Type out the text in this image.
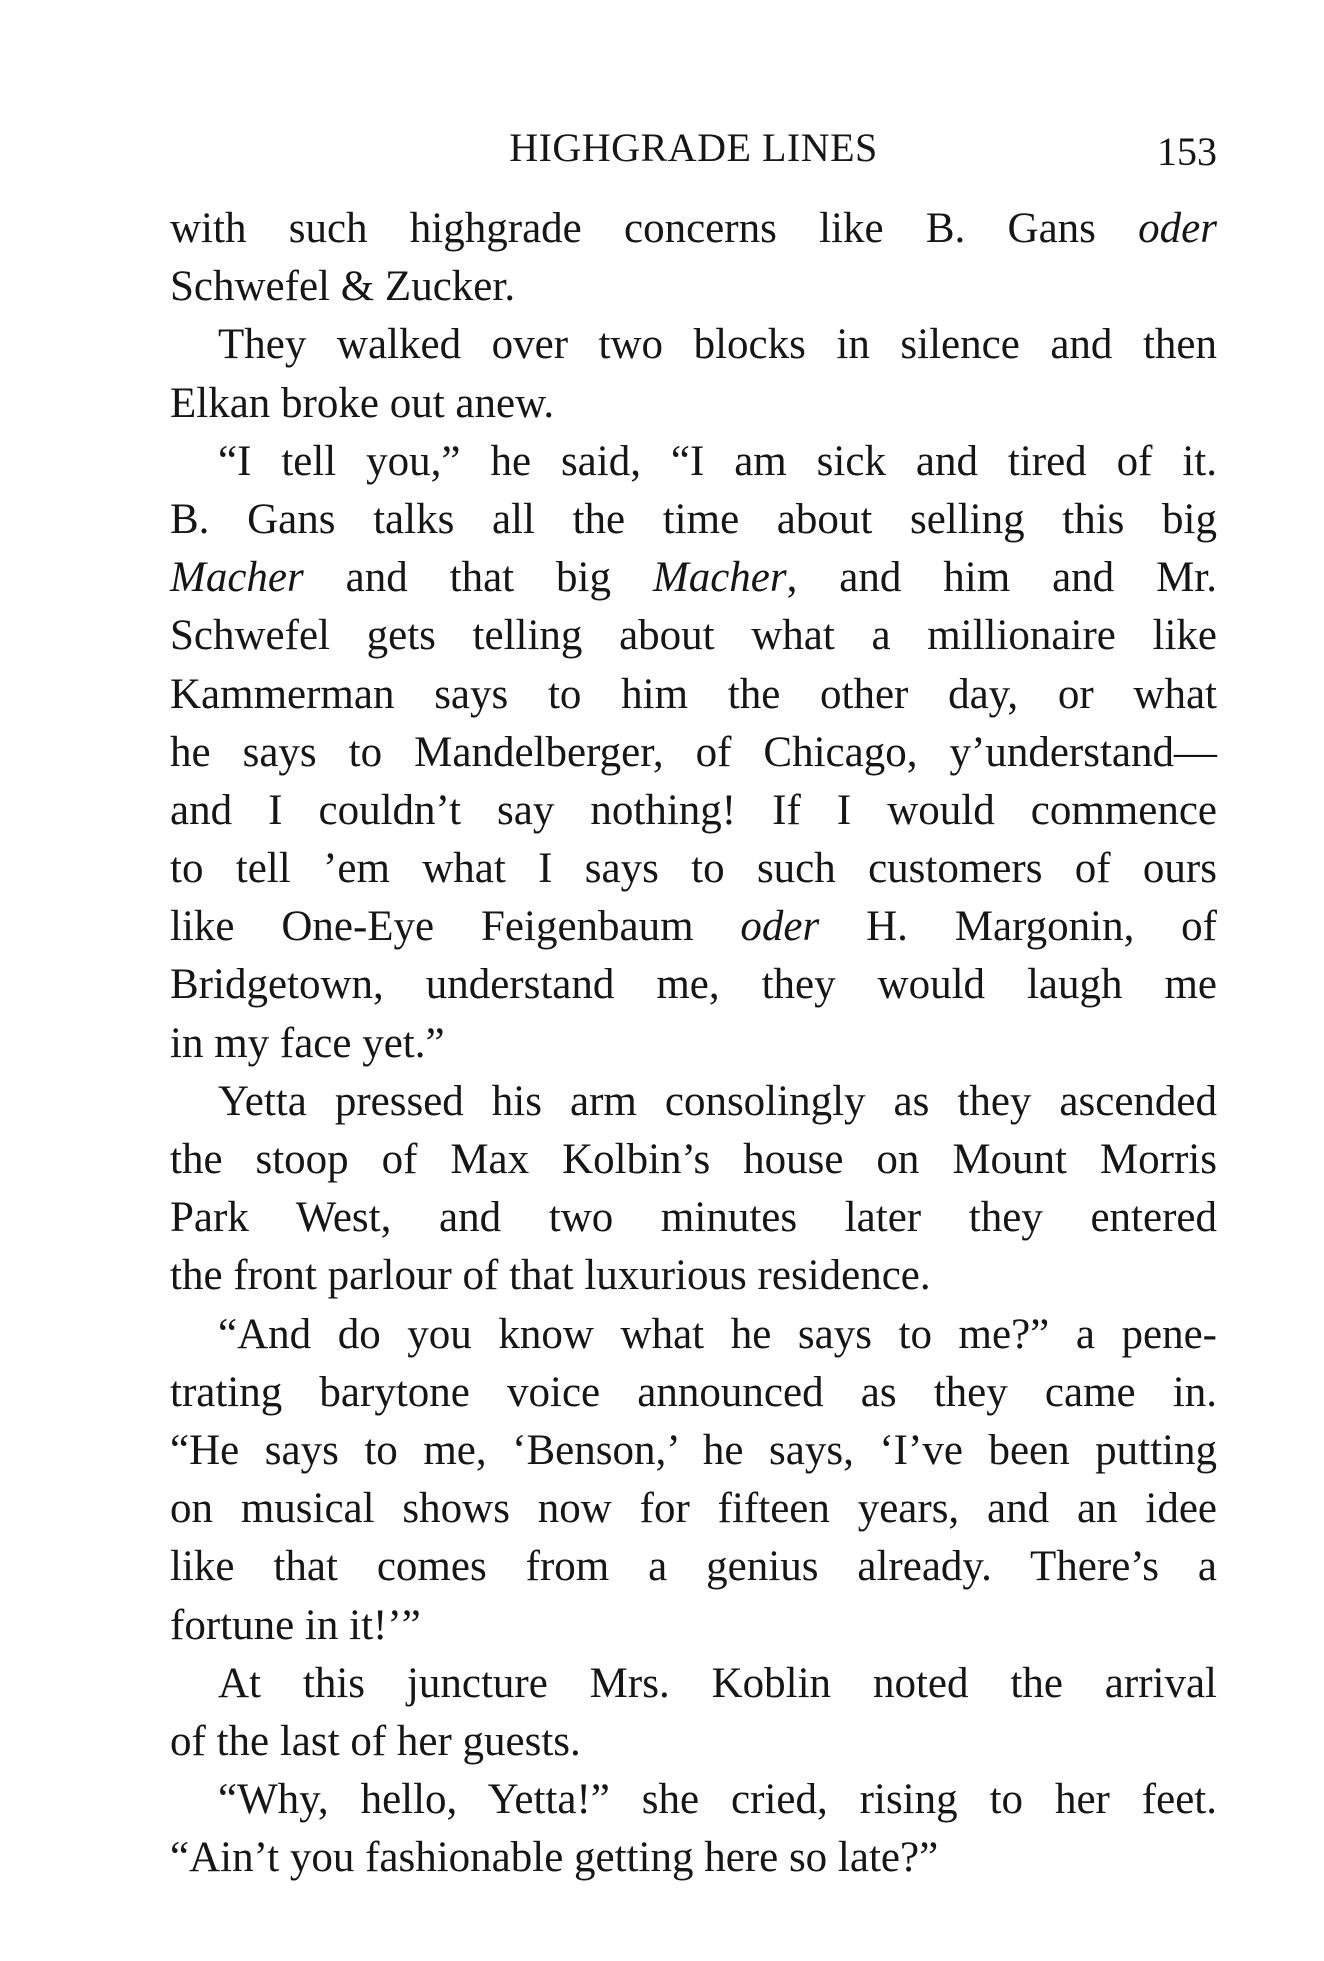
HIGHGRADE LINES	153
with such highgrade concerns like B. Gans oder
Schwefel & Zucker.
They walked over two blocks in silence and then
Elkan broke out anew.
“I tell you,” he said, “I am sick and tired of it.
B. Gans talks all the time about selling this big
Macher and that big Macher, and him and Mr.
Schwefel gets telling about what a millionaire like
Kammerman says to him the other day, or what
he says to Mandelberger, of Chicago, y’understand—
and I couldn’t say nothing! If I would commence
to tell ’em what I says to such customers of ours
like One-Eye Feigenbaum oder H. Margonin, of
Bridgetown, understand me, they would laugh me
in my face yet.”
Yetta pressed his arm consolingly as they ascended
the stoop of Max Kolbin’s house on Mount Morris
Park West, and two minutes later they entered
the front parlour of that luxurious residence.
“And do you know what he says to me?” a pene-
trating barytone voice announced as they came in.
“He says to me, ‘Benson,’ he says, ‘I’ve been putting
on musical shows now for fifteen years, and an idee
like that comes from a genius already. There’s a
fortune in it!’”
At this juncture Mrs. Koblin noted the arrival
of the last of her guests.
“Why, hello, Yetta!” she cried, rising to her feet.
“Ain’t you fashionable getting here so late?”
